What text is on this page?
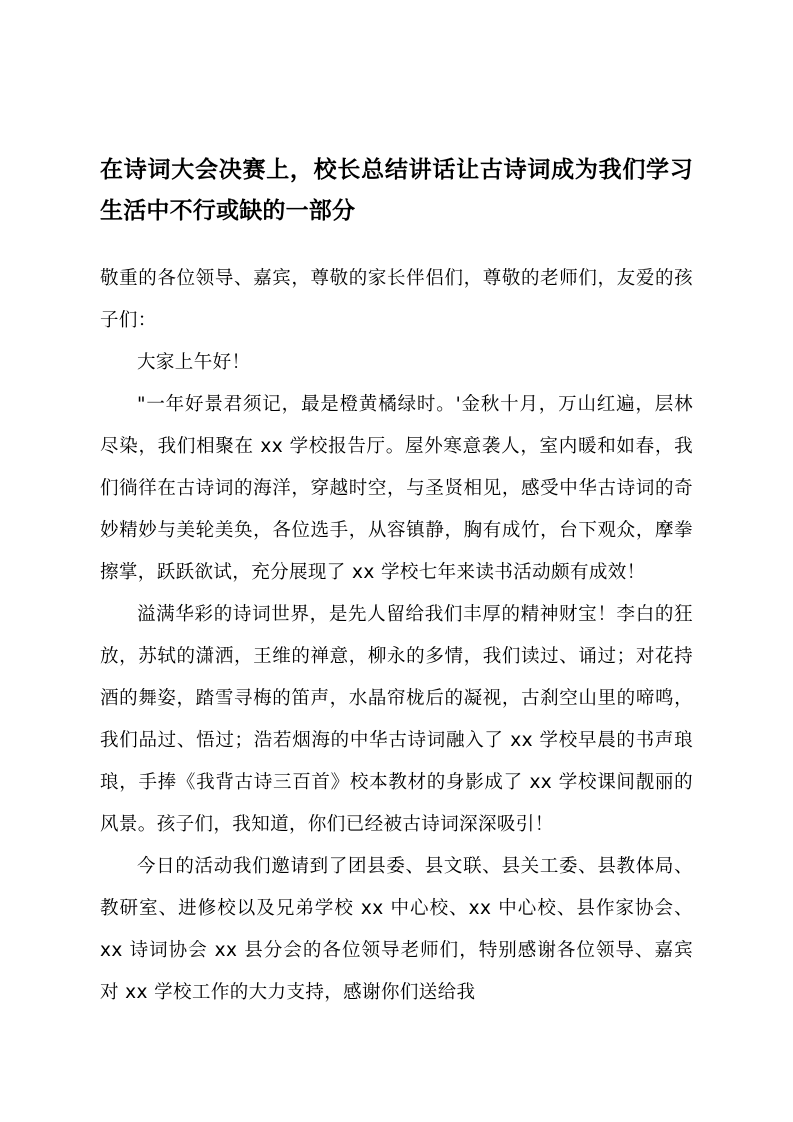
在诗词大会决赛上，校长总结讲话让古诗词成为我们学习生活中不行或缺的一部分

敬重的各位领导、嘉宾，尊敬的家长伴侣们，尊敬的老师们，友爱的孩子们：

大家上午好！

"一年好景君须记，最是橙黄橘绿时。'金秋十月，万山红遍，层林尽染，我们相聚在 xx 学校报告厅。屋外寒意袭人，室内暖和如春，我们徜徉在古诗词的海洋，穿越时空，与圣贤相见，感受中华古诗词的奇妙精妙与美轮美奂，各位选手，从容镇静，胸有成竹，台下观众，摩拳擦掌，跃跃欲试，充分展现了 xx 学校七年来读书活动颇有成效！

溢满华彩的诗词世界，是先人留给我们丰厚的精神财宝！李白的狂放，苏轼的潇洒，王维的禅意，柳永的多情，我们读过、诵过；对花持酒的舞姿，踏雪寻梅的笛声，水晶帘栊后的凝视，古刹空山里的啼鸣，我们品过、悟过；浩若烟海的中华古诗词融入了 xx 学校早晨的书声琅琅，手捧《我背古诗三百首》校本教材的身影成了 xx 学校课间靓丽的风景。孩子们，我知道，你们已经被古诗词深深吸引！

今日的活动我们邀请到了团县委、县文联、县关工委、县教体局、教研室、进修校以及兄弟学校 xx 中心校、xx 中心校、县作家协会、xx 诗词协会 xx 县分会的各位领导老师们，特别感谢各位领导、嘉宾对 xx 学校工作的大力支持，感谢你们送给我
